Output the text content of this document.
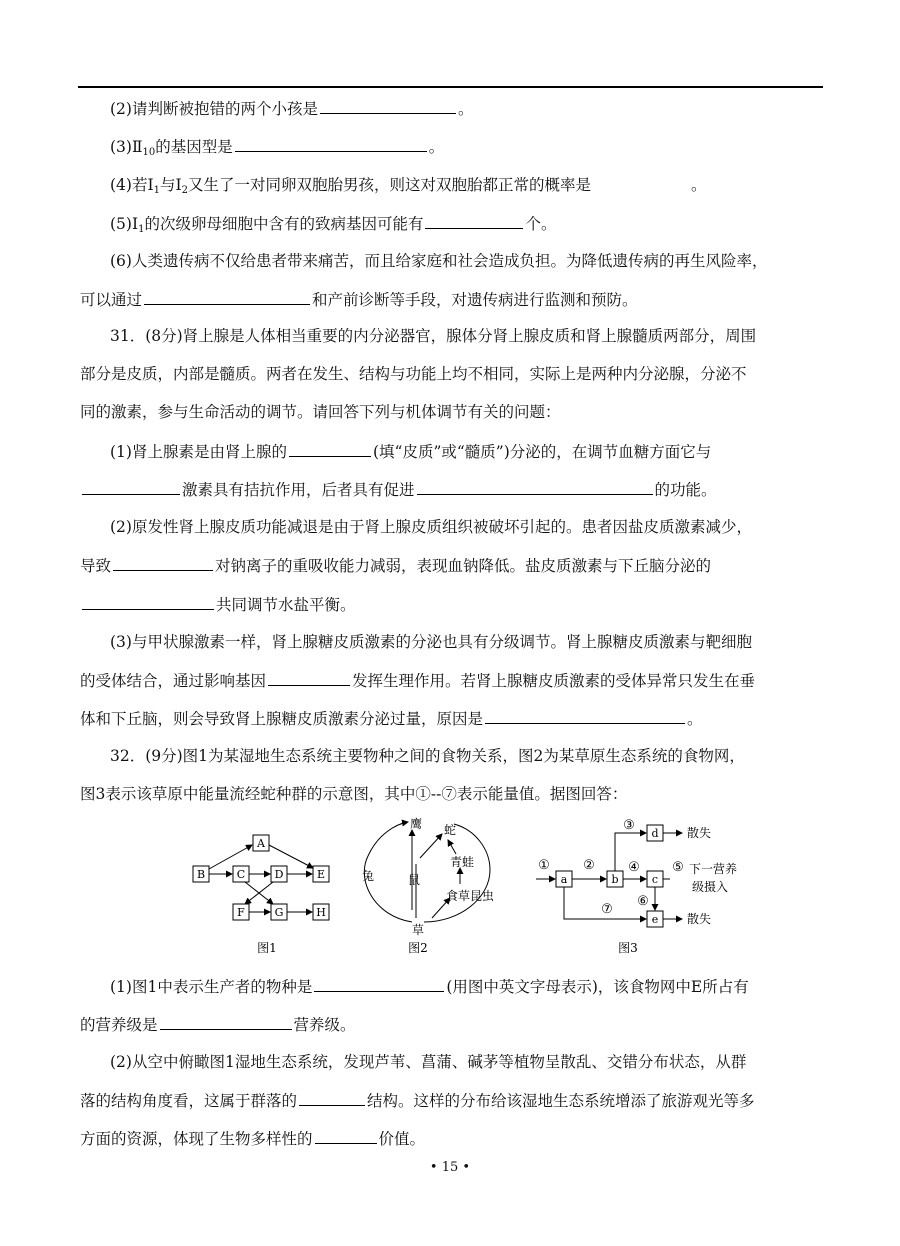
(2)请判断被抱错的两个小孩是	。
$(3)Ⅱ_{10}$的基因型是	。
(4)若$Ⅰ_1$与$Ⅰ_2$又生了一对同卵双胞胎男孩，则这对双胞胎都正常的概率是	。
$(5)Ⅰ_1$的次级卵母细胞中含有的致病基因可能有	个。
(6)人类遗传病不仅给患者带来痛苦，而且给家庭和社会造成负担。为降低遗传病的再生风险率，
可以通过	和产前诊断等手段，对遗传病进行监测和预防。
31．(8分)肾上腺是人体相当重要的内分泌器官，腺体分肾上腺皮质和肾上腺髓质两部分，周围
部分是皮质，内部是髓质。两者在发生、结构与功能上均不相同，实际上是两种内分泌腺，分泌不
同的激素，参与生命活动的调节。请回答下列与机体调节有关的问题：
(1)肾上腺素是由肾上腺的	(填“皮质”或“髓质”)分泌的，在调节血糖方面它与
激素具有拮抗作用，后者具有促进	的功能。
(2)原发性肾上腺皮质功能减退是由于肾上腺皮质组织被破坏引起的。患者因盐皮质激素减少，
导致	对钠离子的重吸收能力减弱，表现血钠降低。盐皮质激素与下丘脑分泌的
共同调节水盐平衡。
(3)与甲状腺激素一样，肾上腺糖皮质激素的分泌也具有分级调节。肾上腺糖皮质激素与靶细胞
的受体结合，通过影响基因	发挥生理作用。若肾上腺糖皮质激素的受体异常只发生在垂
体和下丘脑，则会导致肾上腺糖皮质激素分泌过量，原因是	。
32．(9分)图1为某湿地生态系统主要物种之间的食物关系，图2为某草原生态系统的食物网，
图3表示该草原中能量流经蛇种群的示意图，其中①--⑦表示能量值。据图回答：
A
B	C	D	E
F	G	H
图1
鹰 蛇
青蛙
兔	鼠
食草昆虫
草
图2
a	b	c
d
e
①	②
③
④ ⑤
⑥
⑦
散失
下一营养
级摄入
散失
图3
(1)图1中表示生产者的物种是	(用图中英文字母表示)，该食物网中E所占有
的营养级是	营养级。
(2)从空中俯瞰图1湿地生态系统，发现芦苇、菖蒲、碱茅等植物呈散乱、交错分布状态，从群
落的结构角度看，这属于群落的	结构。这样的分布给该湿地生态系统增添了旅游观光等多
方面的资源，体现了生物多样性的	价值。
• 15 •
